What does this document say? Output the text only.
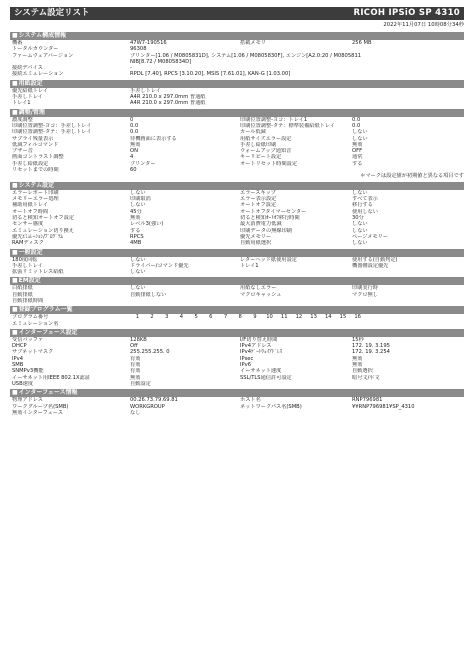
システム設定リスト	RICOH IPSiO SP 4310
2022年11月07日 10時08分34秒
■ システム構成情報
機番	47W7-190516	搭載メモリ	256 MB
トータルカウンター	96308
ファームウェアバージョン	プリンター[1.06 / M0805831D], システム[1.06 / M0805830F], エンジン[A2.0:20 / M0805811
NIB[8.72 / M0805834D]
接続デバイス	-
接続エミュレーション	RPDL [7.40], RPCS [3.10.20], MSIS [7.61.01], KAN-G [1.03.00]
■ 用紙設定
優先給紙トレイ	手差しトレイ
手差しトレイ	A4R 210.0 x 297.0mm 普通紙
トレイ1	A4R 210.0 x 297.0mm 普通紙
■ 調整/管理
濃度調整	0	印刷位置調整-ヨコ：トレイ1	0.0
印刷位置調整-ヨコ：手差しトレイ	0.0	印刷位置調整-タテ：標準装備給紙トレイ	0.0
印刷位置調整-タテ：手差しトレイ	0.0	カール低減	しない
サプライ残量表示	待機画面に表示する	用紙サイズエラー設定	しない
低減フィルコマンド	無効	手差し給紙印刷	無効
ブザー音	ON	ウォームアップ通知音	OFF
画面コントラスト調整	4	キーリピート設定	通常
手差し給紙設定	プリンター	オートリセット時間設定	する
リセットまでの時間	60
＊マークは設定値が初期値と異なる項目です
■ システム設定
エラーレポート印刷	しない	エラースキップ	しない
メモリーエラー処理	印刷取消	エラー表示設定	すべて表示
補助用紙トレイ	しない	オートオフ設定	移行する
オートオフ時間	45分	オートオフタイマーセンター	使用しない
切ると検知オートオフ設定	無効	切ると検知ｵｰﾄｵﾌ移行時間	30分
センサー感度	レベル3(強い)	最大消費電力低減	しない
エミュレーション切り換え	する	印刷データの無線印刷	しない
優先ｴﾐｭﾚｰｼｮﾝ/ﾌﾟﾛｸﾞﾗﾑ	RPCS	優先メモリー	ページメモリー
RAMディスク	4MB	自動用紙選択	しない
■ 一般設定
180度回転	しない	レターヘッド紙使用設定	使用する(自動判定)
手差しトレイ	ドライバー/コマンド優先	トレイ1	機器側設定優先
拡張リミットレス給紙	しない
■ EM設定
白紙排紙	しない	用紙なしエラー	印刷実行時
自動排紙	自動排紙しない	マクロキャッシュ	マクロ無し
自動排紙時間
■ 登録プログラム一覧
プログラム番号	1	2	3	4	5	6	7	8	9	10	11	12	13	14	15	16
エミュレーション名
■ インターフェース設定
受信バッファ	128KB	I/F切り替え時間	15秒
DHCP	Off	IPv4アドレス	172. 19. 3.195
サブネットマスク	255.255.255. 0	IPv4ｹﾞｰﾄｳｪｲｱﾄﾞﾚｽ	172. 19. 3.254
IPv4	有効	IPsec	無効
SMB	有効	IPv6	無効
SNMPv3機能	有効	イーサネット速度	自動選択
イーサネット用IEEE 802.1X認証	無効	SSL/TLS通信許可設定	暗号文/平文
USB速度	自動設定
■ インターフェース情報
物理アドレス	00.26.73.79.69.81	ホスト名	RNP796981
ワークグループ名(SMB)	WORKGROUP	ネットワークパス名(SMB)	¥¥RNP796981¥SP_4310
無効インターフェース	なし
